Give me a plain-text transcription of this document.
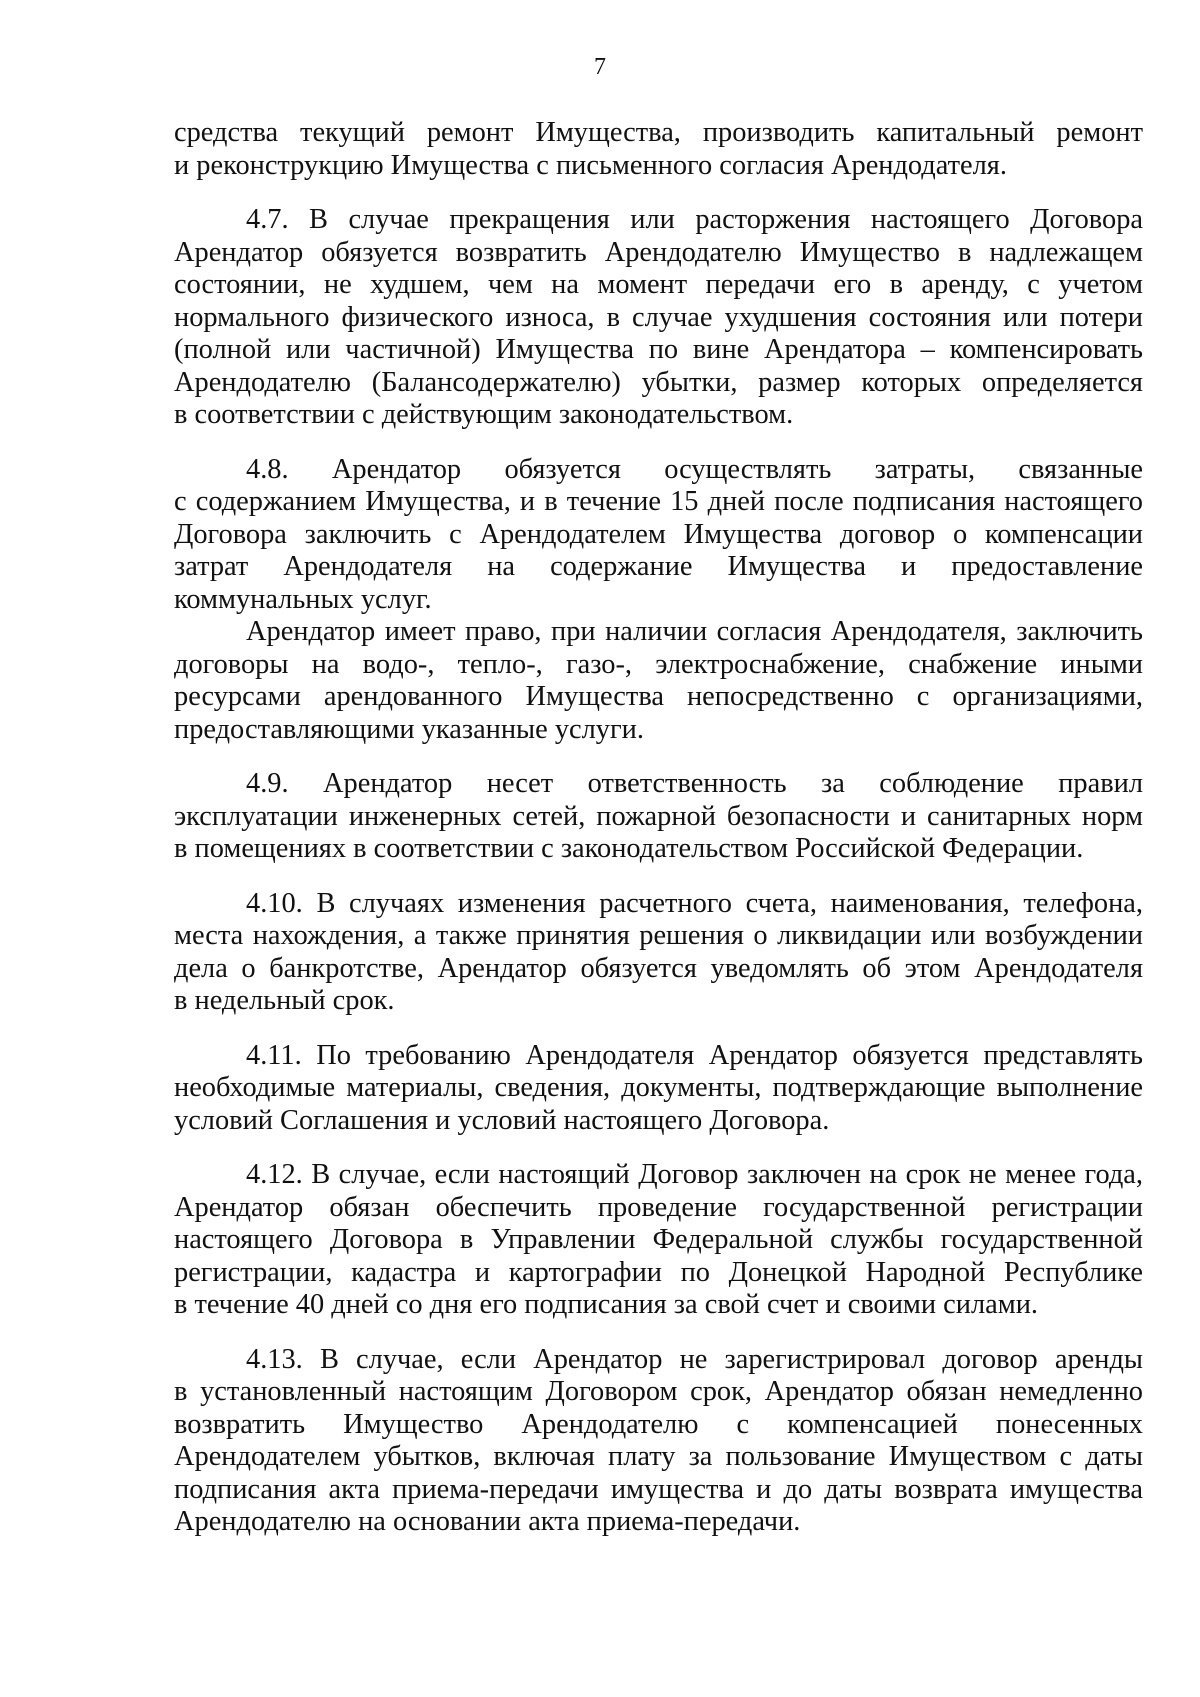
7

средства текущий ремонт Имущества, производить капитальный ремонт
и реконструкцию Имущества с письменного согласия Арендодателя.

4.7. В случае прекращения или расторжения настоящего Договора
Арендатор обязуется возвратить Арендодателю Имущество в надлежащем
состоянии, не худшем, чем на момент передачи его в аренду, с учетом
нормального физического износа, в случае ухудшения состояния или потери
(полной или частичной) Имущества по вине Арендатора – компенсировать
Арендодателю (Балансодержателю) убытки, размер которых определяется
в соответствии с действующим законодательством.

4.8. Арендатор обязуется осуществлять затраты, связанные
с содержанием Имущества, и в течение 15 дней после подписания настоящего
Договора заключить с Арендодателем Имущества договор о компенсации
затрат Арендодателя на содержание Имущества и предоставление
коммунальных услуг.

Арендатор имеет право, при наличии согласия Арендодателя, заключить
договоры на водо-, тепло-, газо-, электроснабжение, снабжение иными
ресурсами арендованного Имущества непосредственно с организациями,
предоставляющими указанные услуги.

4.9. Арендатор несет ответственность за соблюдение правил
эксплуатации инженерных сетей, пожарной безопасности и санитарных норм
в помещениях в соответствии с законодательством Российской Федерации.

4.10. В случаях изменения расчетного счета, наименования, телефона,
места нахождения, а также принятия решения о ликвидации или возбуждении
дела о банкротстве, Арендатор обязуется уведомлять об этом Арендодателя
в недельный срок.

4.11. По требованию Арендодателя Арендатор обязуется представлять
необходимые материалы, сведения, документы, подтверждающие выполнение
условий Соглашения и условий настоящего Договора.

4.12. В случае, если настоящий Договор заключен на срок не менее года,
Арендатор обязан обеспечить проведение государственной регистрации
настоящего Договора в Управлении Федеральной службы государственной
регистрации, кадастра и картографии по Донецкой Народной Республике
в течение 40 дней со дня его подписания за свой счет и своими силами.

4.13. В случае, если Арендатор не зарегистрировал договор аренды
в установленный настоящим Договором срок, Арендатор обязан немедленно
возвратить Имущество Арендодателю с компенсацией понесенных
Арендодателем убытков, включая плату за пользование Имуществом с даты
подписания акта приема-передачи имущества и до даты возврата имущества
Арендодателю на основании акта приема-передачи.
